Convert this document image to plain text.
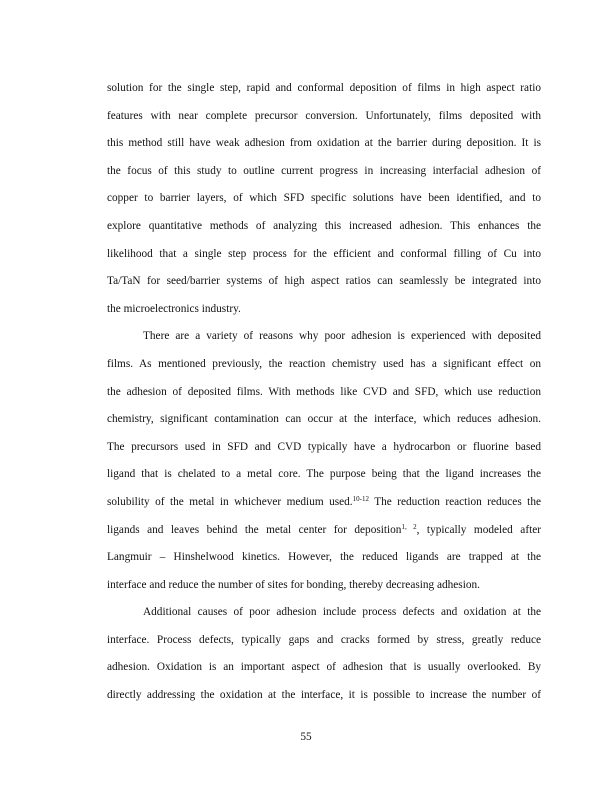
solution for the single step, rapid and conformal deposition of films in high aspect ratio
features with near complete precursor conversion. Unfortunately, films deposited with
this method still have weak adhesion from oxidation at the barrier during deposition. It is
the focus of this study to outline current progress in increasing interfacial adhesion of
copper to barrier layers, of which SFD specific solutions have been identified, and to
explore quantitative methods of analyzing this increased adhesion. This enhances the
likelihood that a single step process for the efficient and conformal filling of Cu into
Ta/TaN for seed/barrier systems of high aspect ratios can seamlessly be integrated into
the microelectronics industry.

There are a variety of reasons why poor adhesion is experienced with deposited
films. As mentioned previously, the reaction chemistry used has a significant effect on
the adhesion of deposited films. With methods like CVD and SFD, which use reduction
chemistry, significant contamination can occur at the interface, which reduces adhesion.
The precursors used in SFD and CVD typically have a hydrocarbon or fluorine based
ligand that is chelated to a metal core. The purpose being that the ligand increases the
solubility of the metal in whichever medium used.$^{10-12}$ The reduction reaction reduces the
ligands and leaves behind the metal center for deposition$^{1, 2}$, typically modeled after
Langmuir – Hinshelwood kinetics. However, the reduced ligands are trapped at the
interface and reduce the number of sites for bonding, thereby decreasing adhesion.

Additional causes of poor adhesion include process defects and oxidation at the
interface. Process defects, typically gaps and cracks formed by stress, greatly reduce
adhesion. Oxidation is an important aspect of adhesion that is usually overlooked. By
directly addressing the oxidation at the interface, it is possible to increase the number of

55
